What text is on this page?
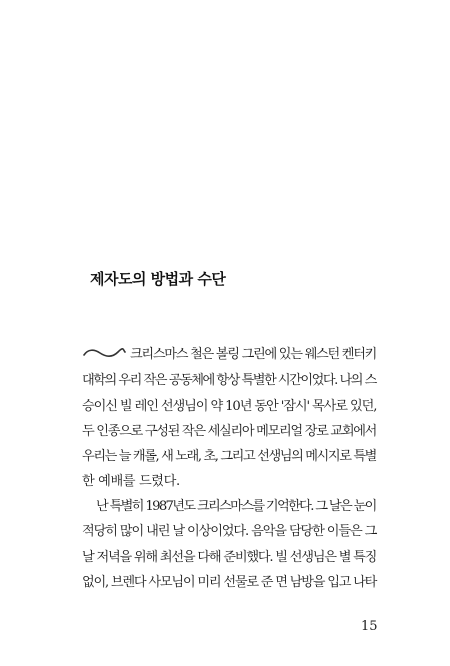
제자도의 방법과 수단
크리스마스 철은 볼링 그린에 있는 웨스턴 켄터키
대학의 우리 작은 공동체에 항상 특별한 시간이었다. 나의 스
승이신 빌 레인 선생님이 약 10년 동안 '잠시' 목사로 있던,
두 인종으로 구성된 작은 세실리아 메모리얼 장로 교회에서
우리는 늘 캐롤, 새 노래, 초, 그리고 선생님의 메시지로 특별
한 예배를 드렸다.
난 특별히 1987년도 크리스마스를 기억한다. 그 날은 눈이
적당히 많이 내린 날 이상이었다. 음악을 담당한 이들은 그
날 저녁을 위해 최선을 다해 준비했다. 빌 선생님은 별 특징
없이, 브렌다 사모님이 미리 선물로 준 면 남방을 입고 나타
15
